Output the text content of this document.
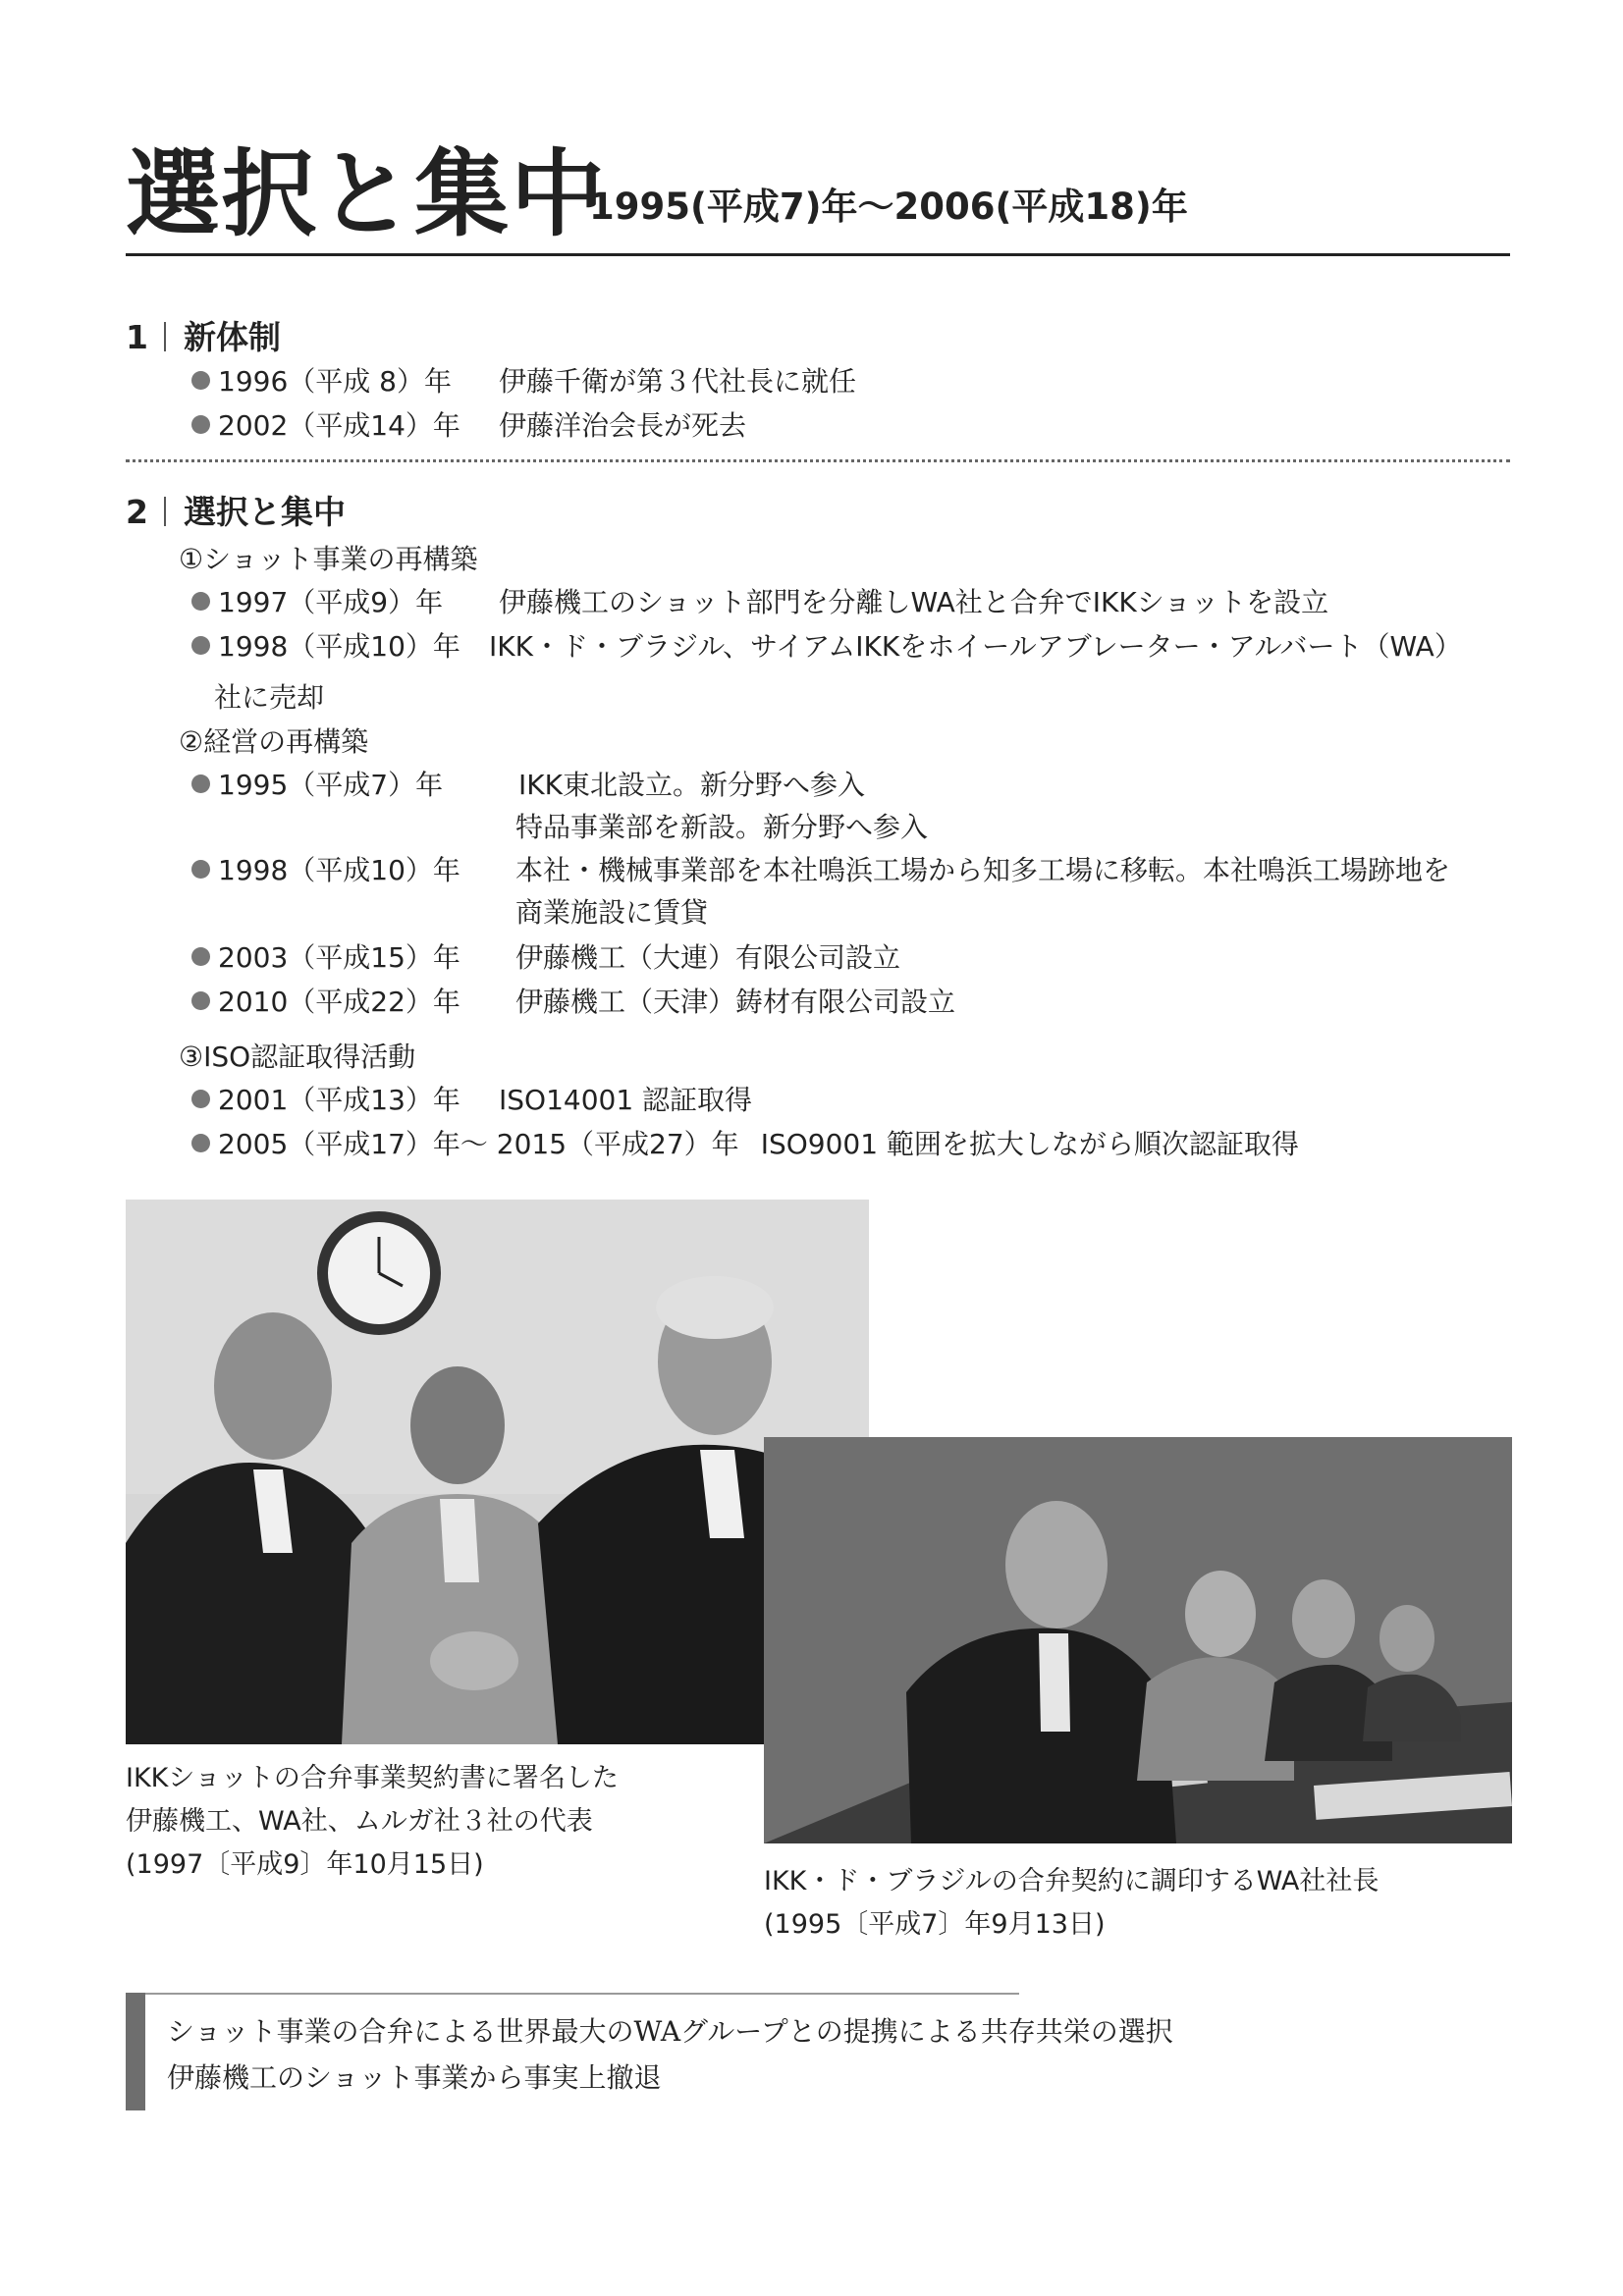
選択と集中
1995(平成7)年〜2006(平成18)年
1 新体制
1996（平成 8）年 伊藤千衛が第３代社長に就任
2002（平成14）年 伊藤洋治会長が死去
2 選択と集中
①ショット事業の再構築
1997（平成9）年 伊藤機工のショット部門を分離しWA社と合弁でIKKショットを設立
1998（平成10）年 IKK・ド・ブラジル、サイアムIKKをホイールアブレーター・アルバート（WA）
社に売却
②経営の再構築
1995（平成7）年	IKK東北設立。新分野へ参入
特品事業部を新設。新分野へ参入
1998（平成10）年 本社・機械事業部を本社鳴浜工場から知多工場に移転。本社鳴浜工場跡地を
商業施設に賃貸
2003（平成15）年 伊藤機工（大連）有限公司設立
2010（平成22）年 伊藤機工（天津）鋳材有限公司設立
③ISO認証取得活動
2001（平成13）年 ISO14001 認証取得
2005（平成17）年〜 2015（平成27）年 ISO9001 範囲を拡大しながら順次認証取得
IKKショットの合弁事業契約書に署名した
伊藤機工、WA社、ムルガ社３社の代表
(1997〔平成9〕年10月15日)
IKK・ド・ブラジルの合弁契約に調印するWA社社長
(1995〔平成7〕年9月13日)
ショット事業の合弁による世界最大のWAグループとの提携による共存共栄の選択
伊藤機工のショット事業から事実上撤退
